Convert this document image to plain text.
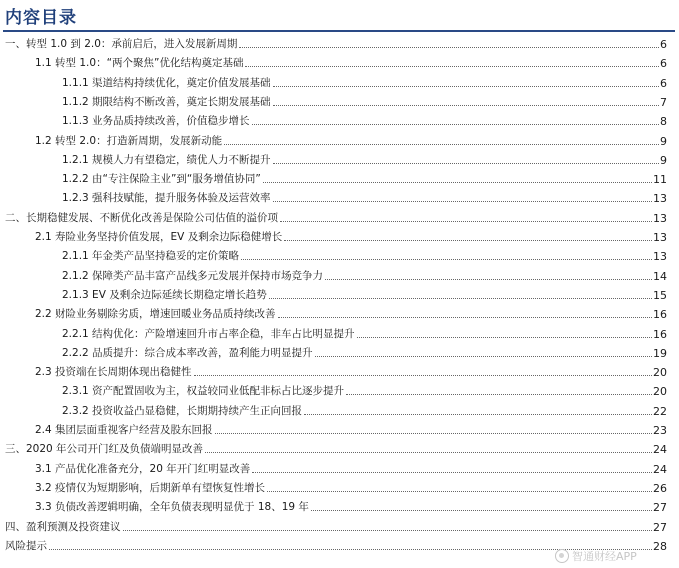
内容目录
一、转型 1.0 到 2.0：承前启后，进入发展新周期	6
1.1 转型 1.0：“两个聚焦”优化结构奠定基础	6
1.1.1 渠道结构持续优化，奠定价值发展基础	6
1.1.2 期限结构不断改善，奠定长期发展基础	7
1.1.3 业务品质持续改善，价值稳步增长	8
1.2 转型 2.0：打造新周期，发展新动能	9
1.2.1 规模人力有望稳定，绩优人力不断提升	9
1.2.2 由“专注保险主业”到“服务增值协同”	11
1.2.3 强科技赋能，提升服务体验及运营效率	13
二、长期稳健发展、不断优化改善是保险公司估值的溢价项	13
2.1 寿险业务坚持价值发展，EV 及剩余边际稳健增长	13
2.1.1 年金类产品坚持稳妥的定价策略	13
2.1.2 保障类产品丰富产品线多元发展并保持市场竞争力	14
2.1.3 EV 及剩余边际延续长期稳定增长趋势	15
2.2 财险业务剔除劣质，增速回暖业务品质持续改善	16
2.2.1 结构优化：产险增速回升市占率企稳，非车占比明显提升	16
2.2.2 品质提升：综合成本率改善，盈利能力明显提升	19
2.3 投资端在长周期体现出稳健性	20
2.3.1 资产配置固收为主，权益较同业低配非标占比逐步提升	20
2.3.2 投资收益凸显稳健，长期期持续产生正向回报	22
2.4 集团层面重视客户经营及股东回报	23
三、2020 年公司开门红及负债端明显改善	24
3.1 产品优化准备充分，20 年开门红明显改善	24
3.2 疫情仅为短期影响，后期新单有望恢复性增长	26
3.3 负债改善逻辑明确，全年负债表现明显优于 18、19 年	27
四、盈利预测及投资建议	27
风险提示	28
智通财经APP
